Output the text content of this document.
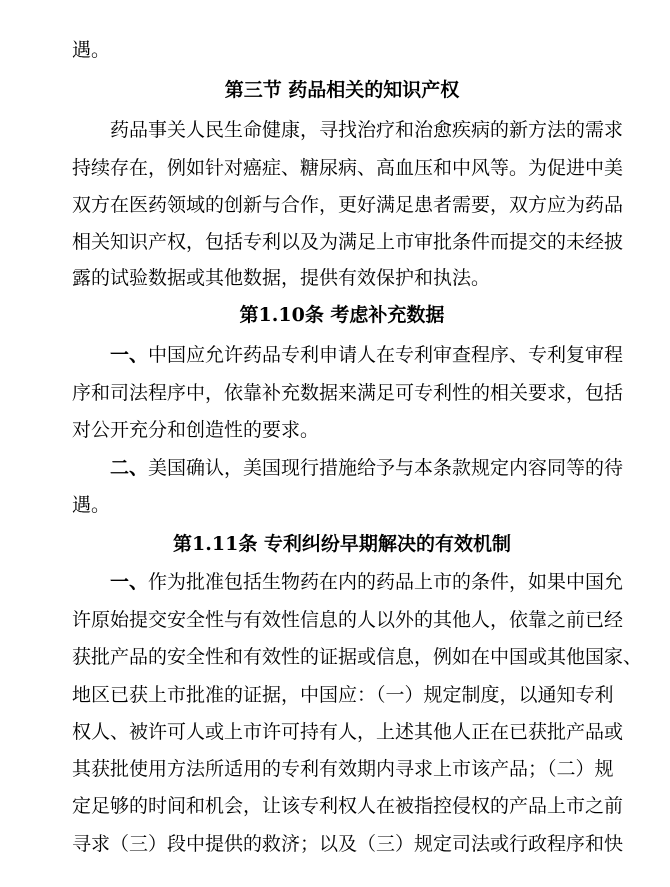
遇。
第三节 药品相关的知识产权
药品事关人民生命健康，寻找治疗和治愈疾病的新方法的需求
持续存在，例如针对癌症、糖尿病、高血压和中风等。为促进中美
双方在医药领域的创新与合作，更好满足患者需要，双方应为药品
相关知识产权，包括专利以及为满足上市审批条件而提交的未经披
露的试验数据或其他数据，提供有效保护和执法。
第1.10条 考虑补充数据
一、中国应允许药品专利申请人在专利审查程序、专利复审程
序和司法程序中，依靠补充数据来满足可专利性的相关要求，包括
对公开充分和创造性的要求。
二、美国确认，美国现行措施给予与本条款规定内容同等的待
遇。
第1.11条 专利纠纷早期解决的有效机制
一、作为批准包括生物药在内的药品上市的条件，如果中国允
许原始提交安全性与有效性信息的人以外的其他人，依靠之前已经
获批产品的安全性和有效性的证据或信息，例如在中国或其他国家、
地区已获上市批准的证据，中国应：（一）规定制度，以通知专利
权人、被许可人或上市许可持有人，上述其他人正在已获批产品或
其获批使用方法所适用的专利有效期内寻求上市该产品；（二）规
定足够的时间和机会，让该专利权人在被指控侵权的产品上市之前
寻求（三）段中提供的救济；以及（三）规定司法或行政程序和快
